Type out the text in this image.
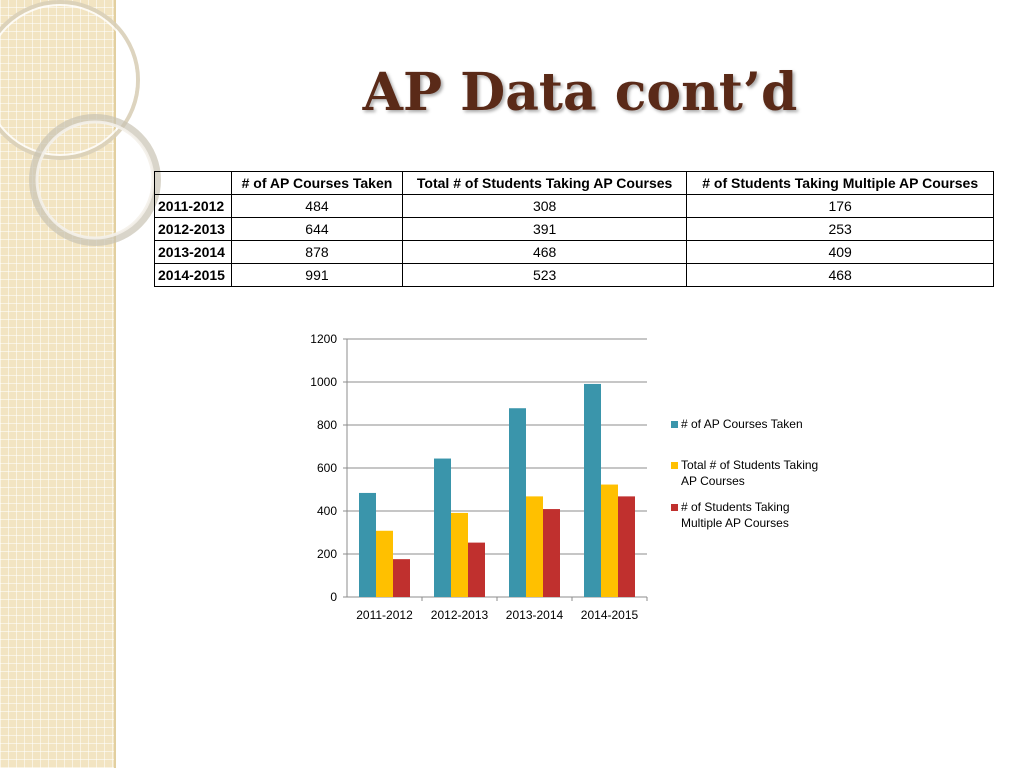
AP Data cont’d
	# of AP Courses Taken	Total # of Students Taking AP Courses	# of Students Taking Multiple AP Courses
2011-2012	484	308	176
2012-2013	644	391	253
2013-2014	878	468	409
2014-2015	991	523	468
0
200
400
600
800
1000
1200
2011-2012 2012-2013 2013-2014 2014-2015
# of AP Courses Taken
Total # of Students Taking
AP Courses
# of Students Taking
Multiple AP Courses
